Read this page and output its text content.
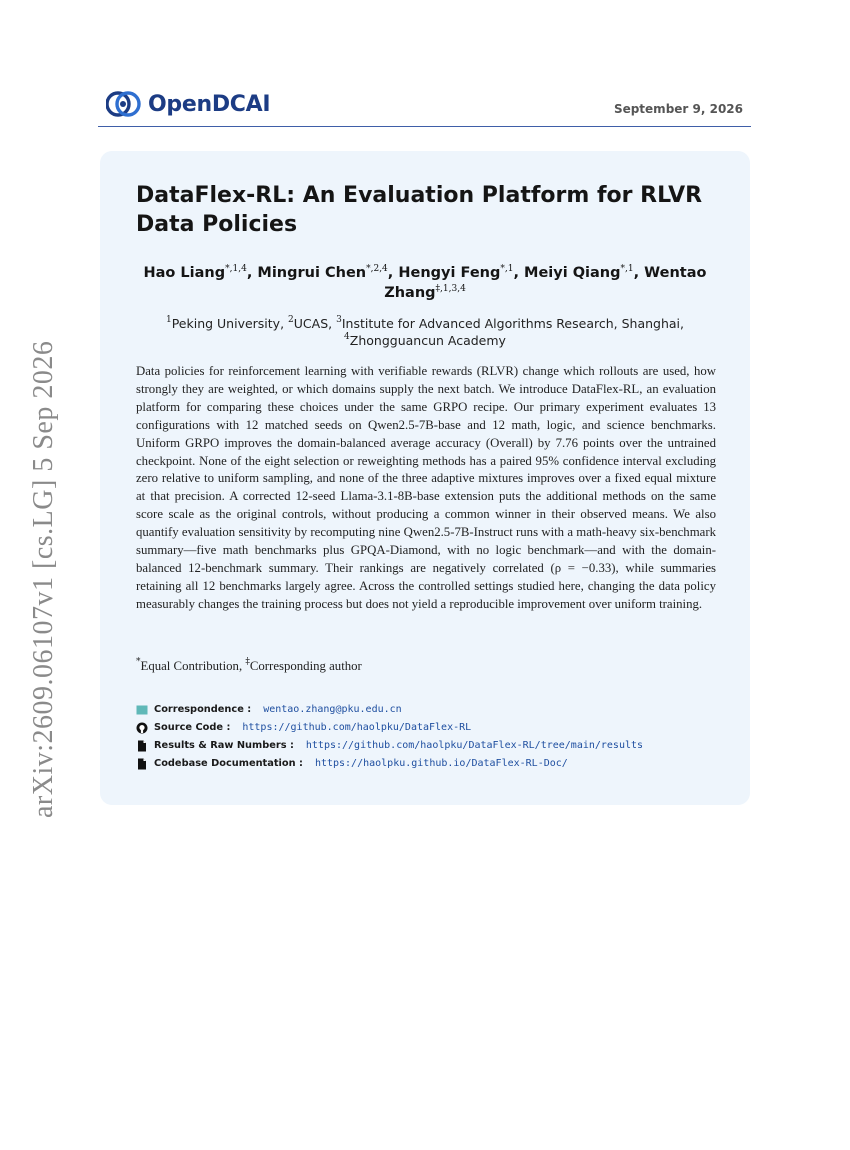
arXiv:2609.06107v1 [cs.LG] 5 Sep 2026
OpenDCAI	September 9, 2026
DataFlex-RL: An Evaluation Platform for RLVR Data Policies
Hao Liang$^{*,1,4}$, Mingrui Chen$^{*,2,4}$, Hengyi Feng$^{*,1}$, Meiyi Qiang$^{*,1}$, Wentao Zhang$^{\ddagger,1,3,4}$
$^1$Peking University, $^2$UCAS, $^3$Institute for Advanced Algorithms Research, Shanghai,
$^4$Zhongguancun Academy
Data policies for reinforcement learning with verifiable rewards (RLVR) change which rollouts are used, how strongly they are weighted, or which domains supply the next batch. We introduce DataFlex-RL, an evaluation platform for comparing these choices under the same GRPO recipe. Our primary experiment evaluates 13 configurations with 12 matched seeds on Qwen2.5-7B-base and 12 math, logic, and science benchmarks. Uniform GRPO improves the domain-balanced average accuracy (Overall) by 7.76 points over the untrained checkpoint. None of the eight selection or reweighting methods has a paired 95% confidence interval excluding zero relative to uniform sampling, and none of the three adaptive mixtures improves over a fixed equal mixture at that precision. A corrected 12-seed Llama-3.1-8B-base extension puts the additional methods on the same score scale as the original controls, without producing a common winner in their observed means. We also quantify evaluation sensitivity by recomputing nine Qwen2.5-7B-Instruct runs with a math-heavy six-benchmark summary—five math benchmarks plus GPQA-Diamond, with no logic benchmark—and with the domain-balanced 12-benchmark summary. Their rankings are negatively correlated (ρ = −0.33), while summaries retaining all 12 benchmarks largely agree. Across the controlled settings studied here, changing the data policy measurably changes the training process but does not yield a reproducible improvement over uniform training.
*Equal Contribution, ‡Corresponding author
Correspondence : wentao.zhang@pku.edu.cn
Source Code : https://github.com/haolpku/DataFlex-RL
Results & Raw Numbers : https://github.com/haolpku/DataFlex-RL/tree/main/results
Codebase Documentation : https://haolpku.github.io/DataFlex-RL-Doc/
